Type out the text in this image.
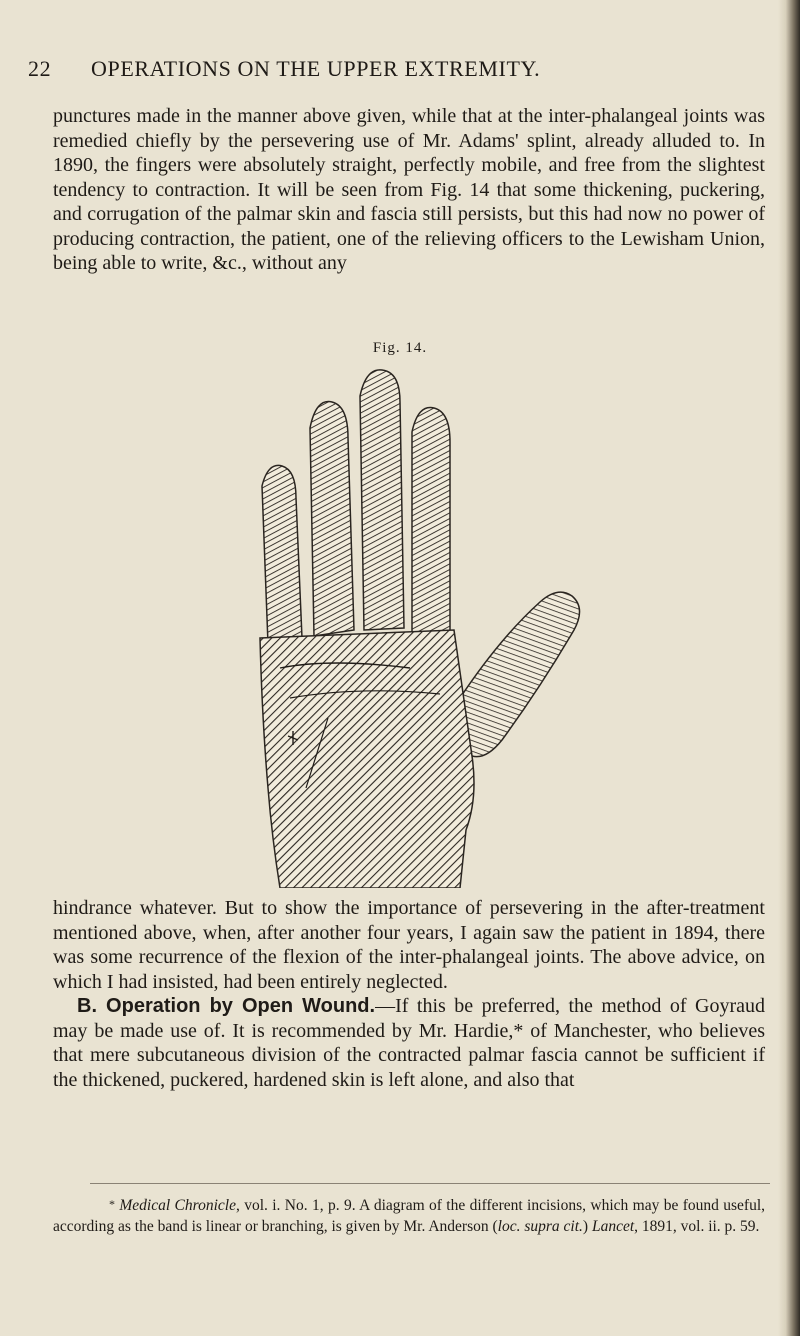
22 OPERATIONS ON THE UPPER EXTREMITY.

punctures made in the manner above given, while that at the inter-phalangeal joints was remedied chiefly by the persevering use of Mr. Adams' splint, already alluded to. In 1890, the fingers were absolutely straight, perfectly mobile, and free from the slightest tendency to contraction. It will be seen from Fig. 14 that some thickening, puckering, and corrugation of the palmar skin and fascia still persists, but this had now no power of producing contraction, the patient, one of the relieving officers to the Lewisham Union, being able to write, &c., without any

Fig. 14.

hindrance whatever. But to show the importance of persevering in the after-treatment mentioned above, when, after another four years, I again saw the patient in 1894, there was some recurrence of the flexion of the inter-phalangeal joints. The above advice, on which I had insisted, had been entirely neglected.

B. Operation by Open Wound.—If this be preferred, the method of Goyraud may be made use of. It is recommended by Mr. Hardie,* of Manchester, who believes that mere subcutaneous division of the contracted palmar fascia cannot be sufficient if the thickened, puckered, hardened skin is left alone, and also that

* Medical Chronicle, vol. i. No. 1, p. 9. A diagram of the different incisions, which may be found useful, according as the band is linear or branching, is given by Mr. Anderson (loc. supra cit.) Lancet, 1891, vol. ii. p. 59.
